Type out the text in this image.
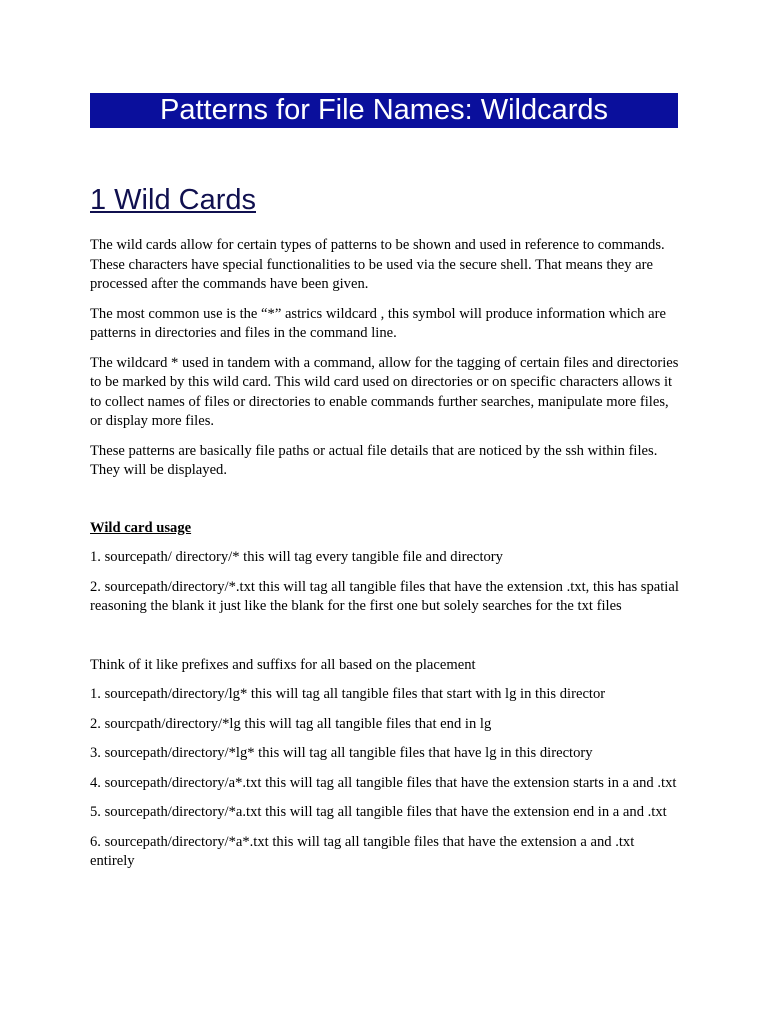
Patterns for File Names: Wildcards
1 Wild Cards

The wild cards allow for certain types of patterns to be shown and used in reference to commands. These characters have special functionalities to be used via the secure shell. That means they are processed after the commands have been given.

The most common use is the “*” astrics wildcard , this symbol will produce information which are patterns in directories and files in the command line.

The wildcard * used in tandem with a command, allow for the tagging of certain files and directories to be marked by this wild card. This wild card used on directories or on specific characters allows it to collect names of files or directories to enable commands further searches, manipulate more files, or display more files.

These patterns are basically file paths or actual file details that are noticed by the ssh within files. They will be displayed.

Wild card usage

1. sourcepath/ directory/* this will tag every tangible file and directory

2. sourcepath/directory/*.txt this will tag all tangible files that have the extension .txt, this has spatial reasoning the blank it just like the blank for the first one but solely searches for the txt files

Think of it like prefixes and suffixs for all based on the placement

1. sourcepath/directory/lg* this will tag all tangible files that start with lg in this director

2. sourcpath/directory/*lg this will tag all tangible files that end in lg

3. sourcepath/directory/*lg* this will tag all tangible files that have lg in this directory

4. sourcepath/directory/a*.txt this will tag all tangible files that have the extension starts in a and .txt

5. sourcepath/directory/*a.txt this will tag all tangible files that have the extension end in a and .txt

6. sourcepath/directory/*a*.txt this will tag all tangible files that have the extension a and .txt entirely
